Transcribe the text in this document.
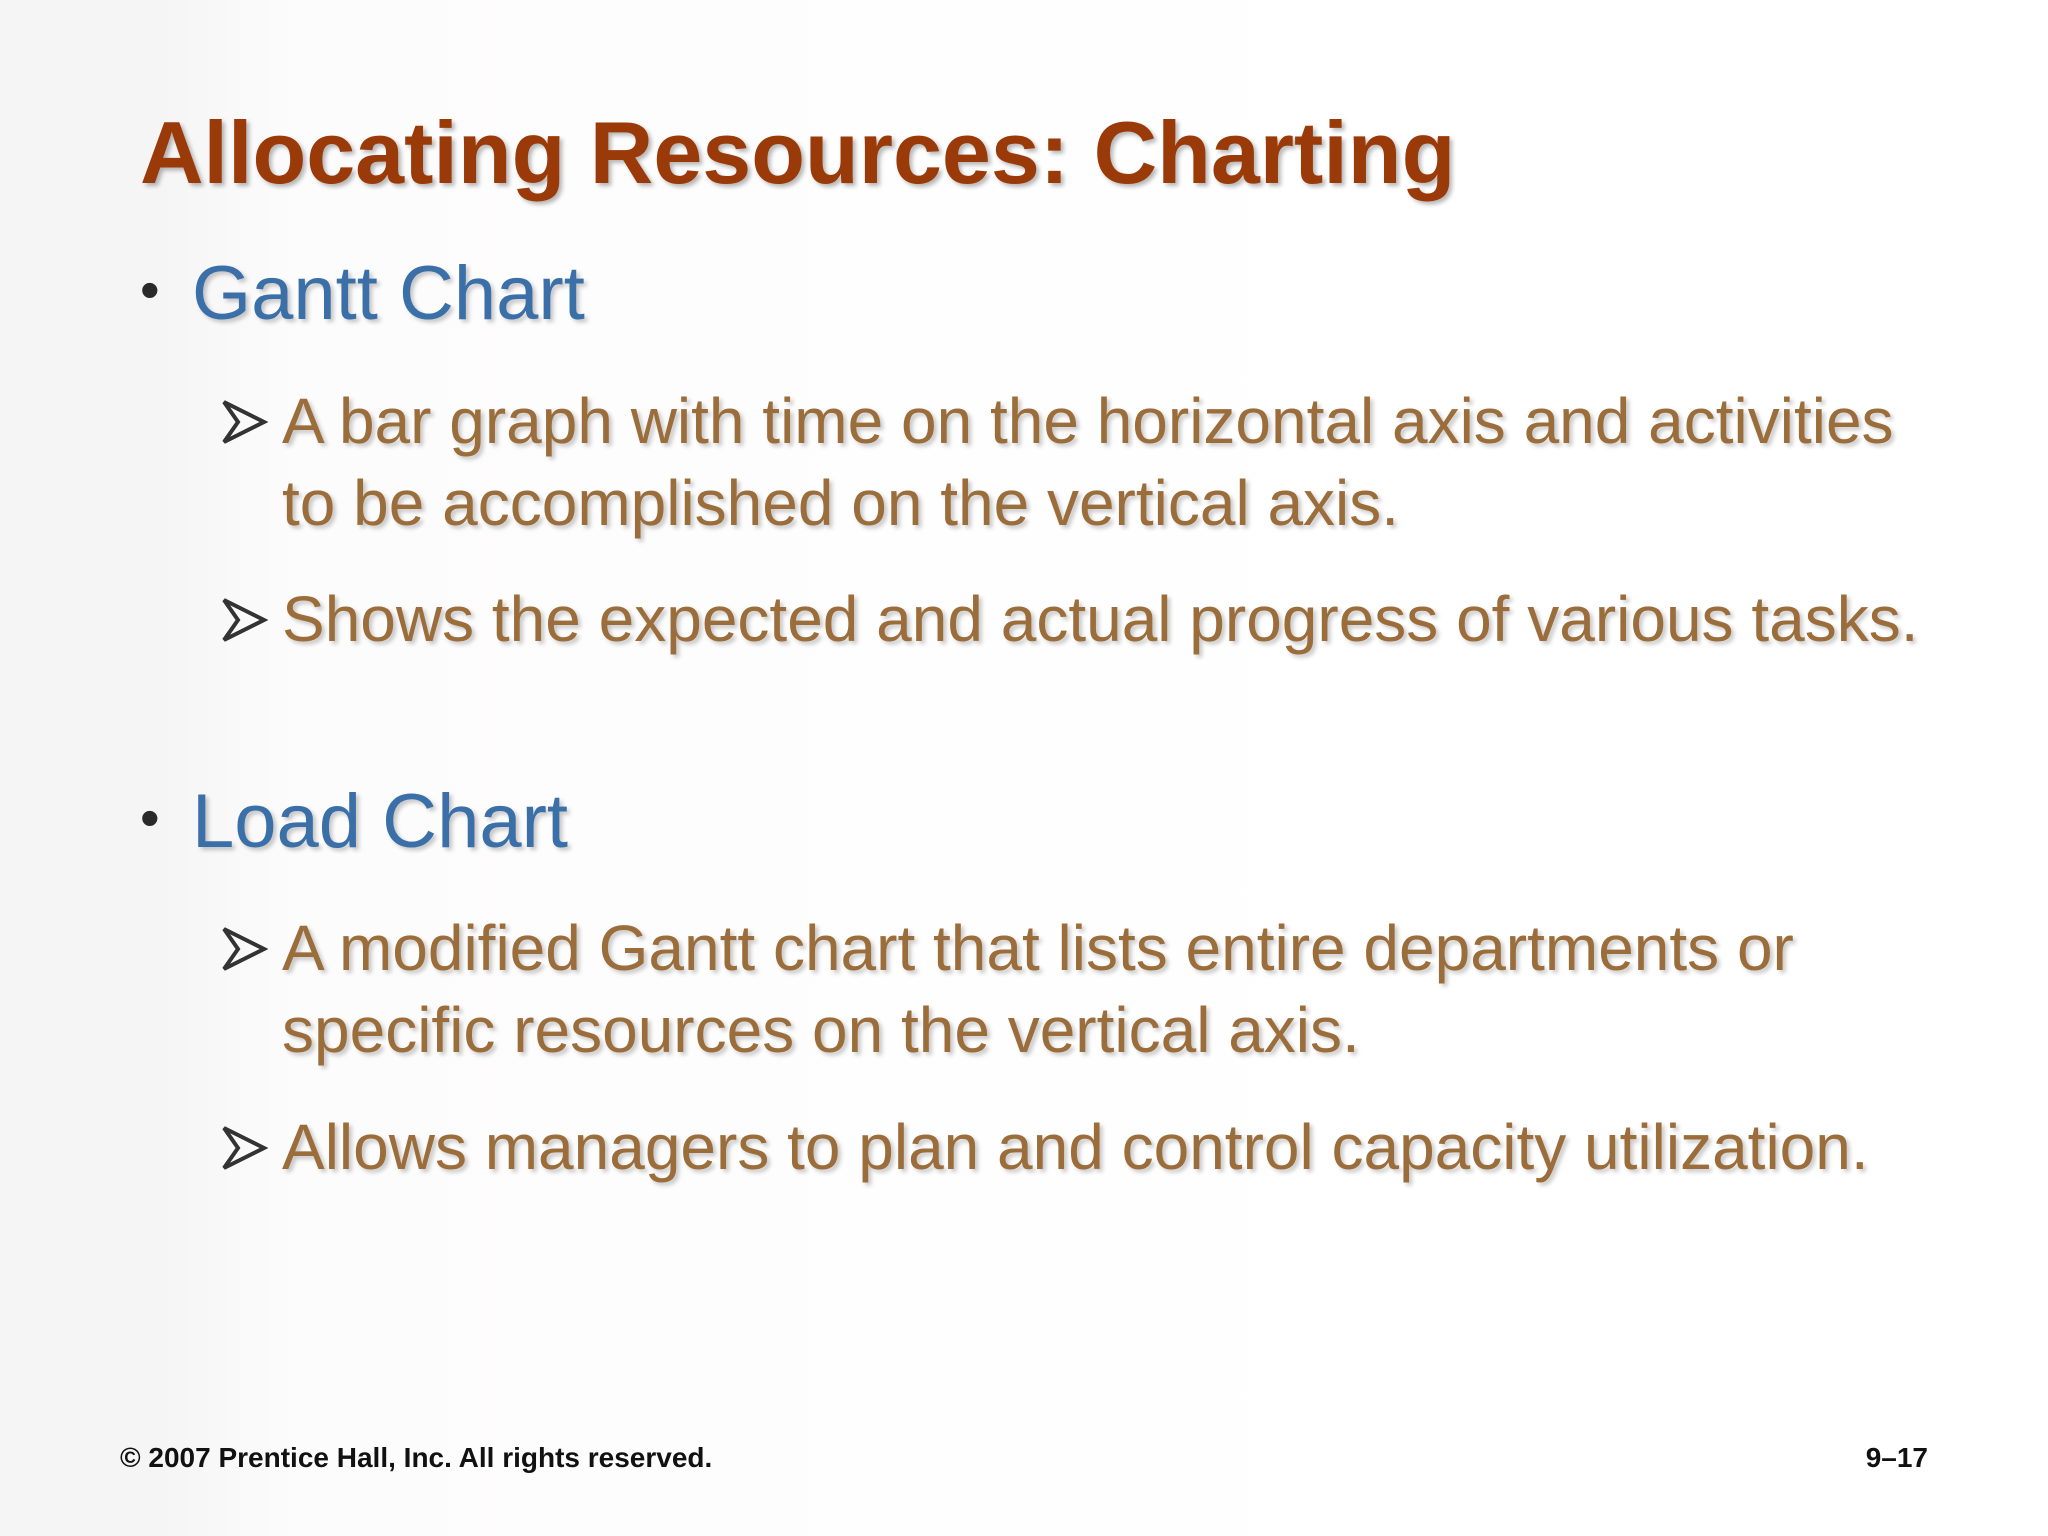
Allocating Resources: Charting
• Gantt Chart
A bar graph with time on the horizontal axis and activities to be accomplished on the vertical axis.
Shows the expected and actual progress of various tasks.
• Load Chart
A modified Gantt chart that lists entire departments or specific resources on the vertical axis.
Allows managers to plan and control capacity utilization.
© 2007 Prentice Hall, Inc. All rights reserved.	9–17
